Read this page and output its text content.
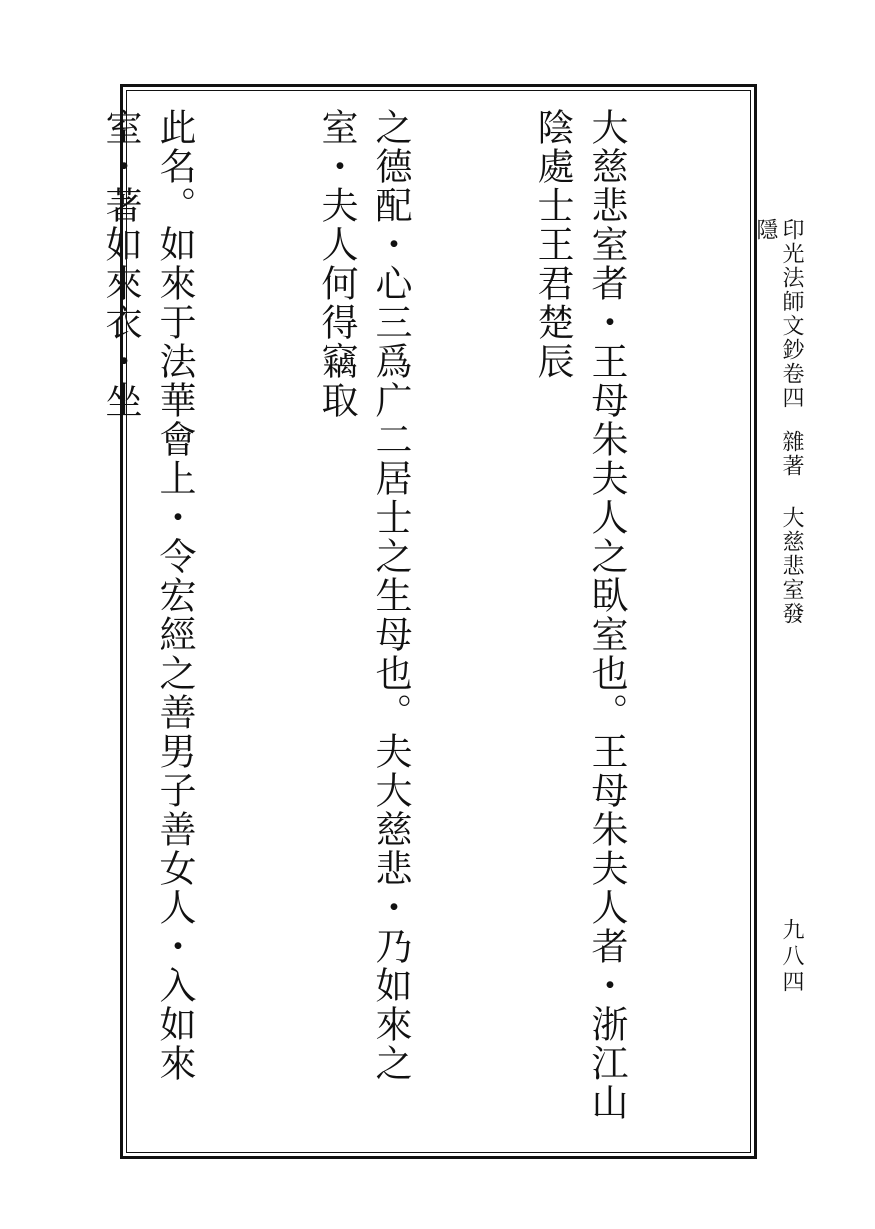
大慈悲室者・王母朱夫人之臥室也。王母朱夫人者・浙江山陰處士王君楚辰

之德配・心三爲广二居士之生母也。夫大慈悲・乃如來之室・夫人何得竊取

此名。如來于法華會上・令宏經之善男子善女人・入如來室・著如來衣・坐

	印光法師文鈔卷四雜著大慈悲室發隱
九八四
